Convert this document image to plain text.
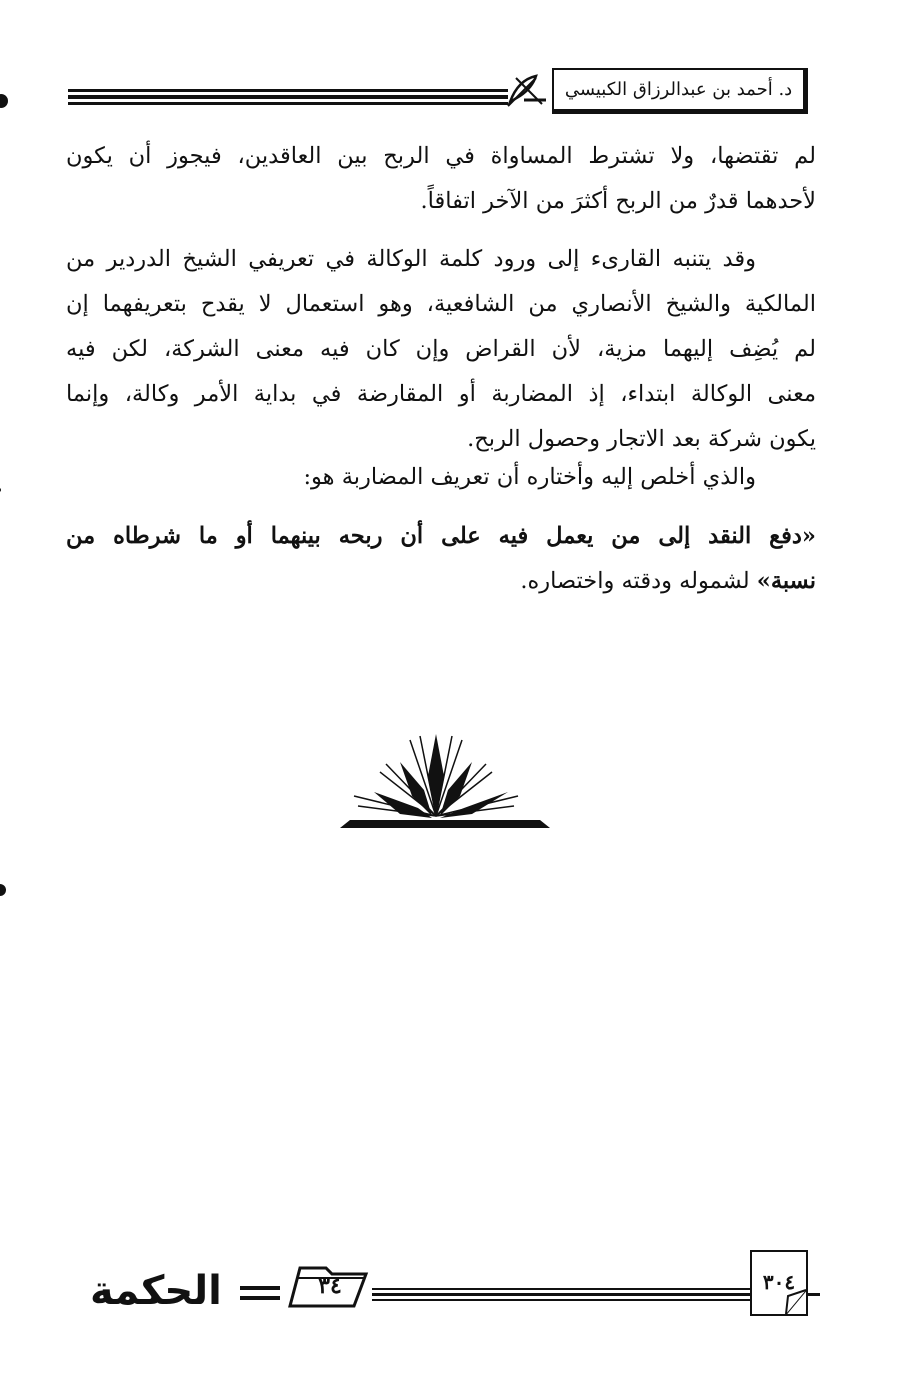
د. أحمد بن عبدالرزاق الكبيسي
لم تقتضها، ولا تشترط المساواة في الربح بين العاقدين، فيجوز أن يكون
لأحدهما قدرٌ من الربح أكثرَ من الآخر اتفاقاً.
وقد يتنبه القارىء إلى ورود كلمة الوكالة في تعريفي الشيخ الدردير من
المالكية والشيخ الأنصاري من الشافعية، وهو استعمال لا يقدح بتعريفهما إن
لم يُضِف إليهما مزية، لأن القراض وإن كان فيه معنى الشركة، لكن فيه
معنى الوكالة ابتداء، إذ المضاربة أو المقارضة في بداية الأمر وكالة، وإنما
يكون شركة بعد الاتجار وحصول الربح.
والذي أخلص إليه وأختاره أن تعريف المضاربة هو:
«دفع النقد إلى من يعمل فيه على أن ربحه بينهما أو ما شرطاه من
نسبة» لشموله ودقته واختصاره.
الحكمة	٣٤	٣٠٤
